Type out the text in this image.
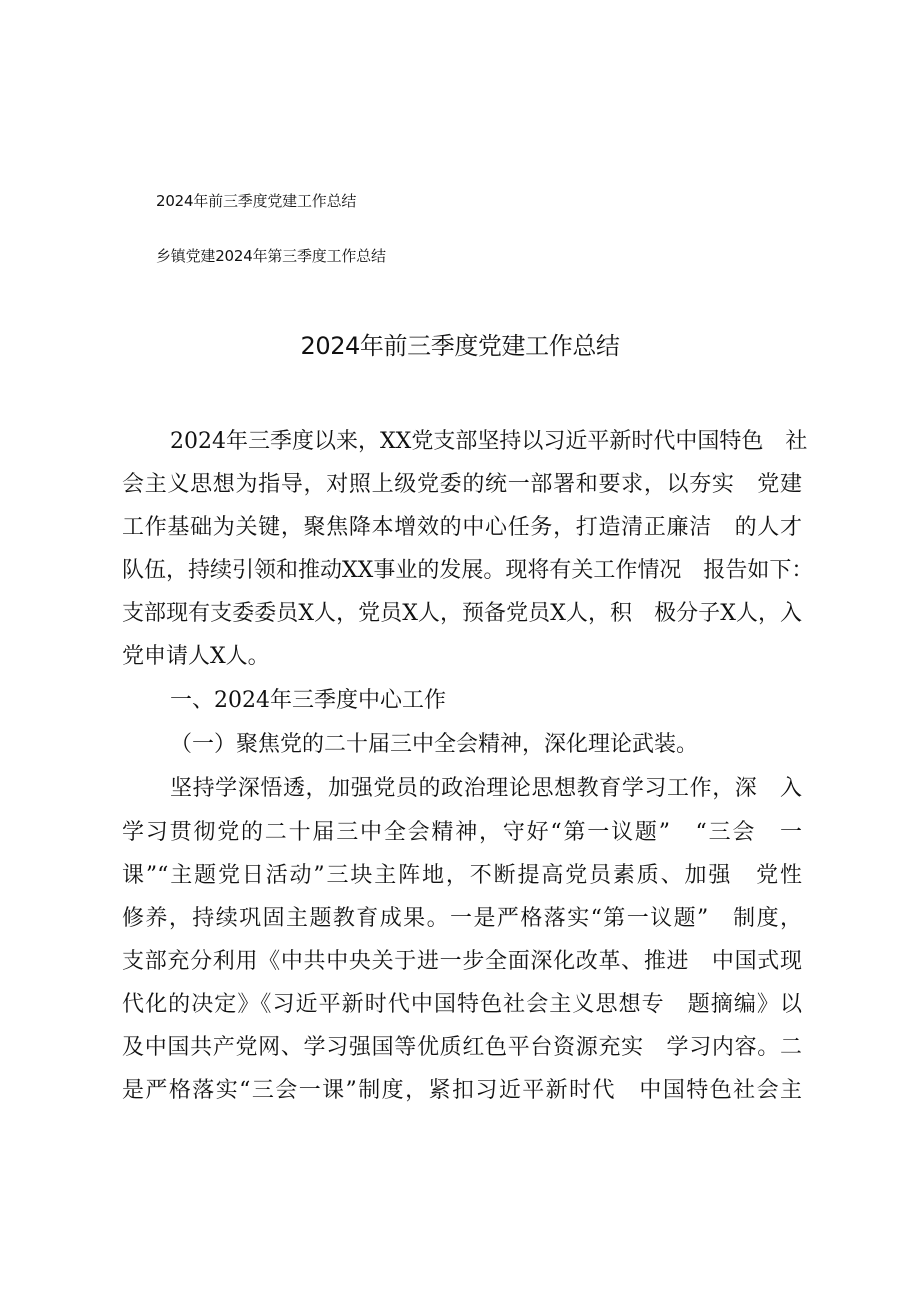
2024年前三季度党建工作总结
乡镇党建2024年第三季度工作总结
2024年前三季度党建工作总结
2024年三季度以来，XX党支部坚持以习近平新时代中国特色　社
会主义思想为指导，对照上级党委的统一部署和要求，以夯实　党建
工作基础为关键，聚焦降本增效的中心任务，打造清正廉洁　的人才
队伍，持续引领和推动XX事业的发展。现将有关工作情况　报告如下：
支部现有支委委员X人，党员X人，预备党员X人，积　极分子X人，入
党申请人X人。
一、2024年三季度中心工作
（一）聚焦党的二十届三中全会精神，深化理论武装。
坚持学深悟透，加强党员的政治理论思想教育学习工作，深　入
学习贯彻党的二十届三中全会精神，守好“第一议题”　“三会　一
课”“主题党日活动”三块主阵地，不断提高党员素质、加强　党性
修养，持续巩固主题教育成果。一是严格落实“第一议题”　制度，
支部充分利用《中共中央关于进一步全面深化改革、推进　中国式现
代化的决定》《习近平新时代中国特色社会主义思想专　题摘编》以
及中国共产党网、学习强国等优质红色平台资源充实　学习内容。二
是严格落实“三会一课”制度，紧扣习近平新时代　中国特色社会主
